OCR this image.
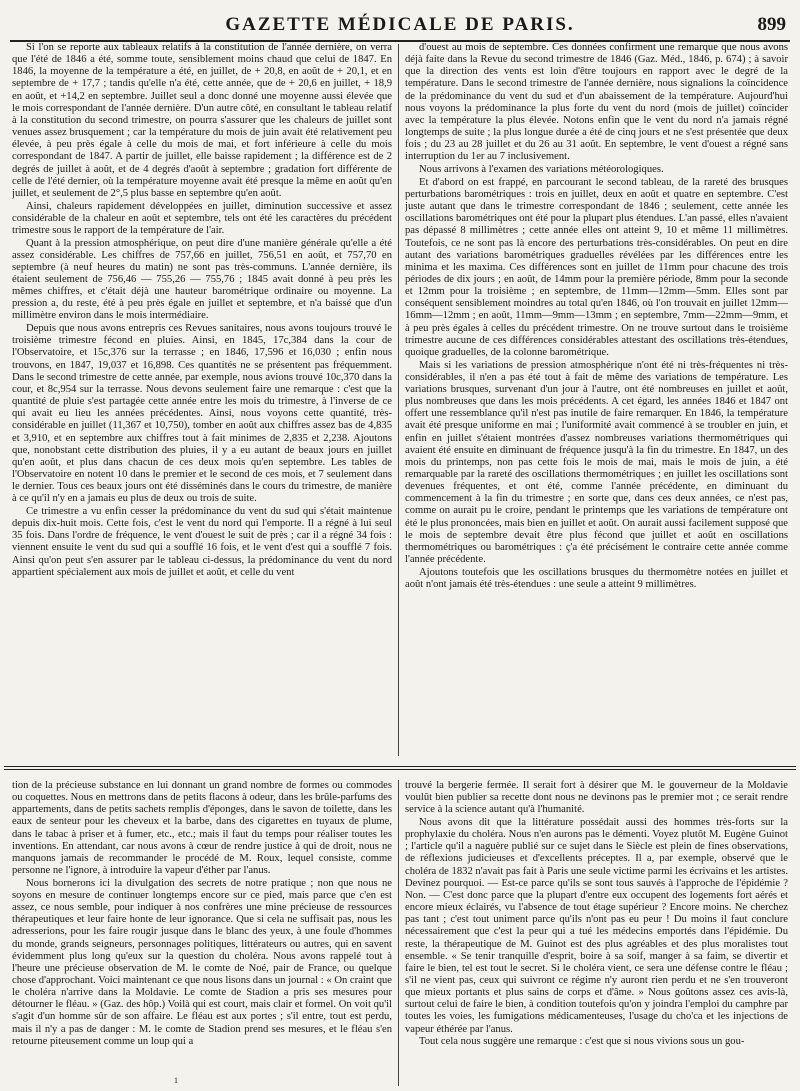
GAZETTE MÉDICALE DE PARIS.	899

Si l'on se reporte aux tableaux relatifs à la constitution de l'année dernière, on verra que l'été de 1846 a été, somme toute, sensiblement moins chaud que celui de 1847. En 1846, la moyenne de la température a été, en juillet, de + 20,8, en août de + 20,1, et en septembre de + 17,7 ; tandis qu'elle n'a été, cette année, que de + 20,6 en juillet, + 18,9 en août, et +14,2 en septembre. Juillet seul a donc donné une moyenne aussi élevée que le mois correspondant de l'année dernière. D'un autre côté, en consultant le tableau relatif à la constitution du second trimestre, on pourra s'assurer que les chaleurs de juillet sont venues assez brusquement ; car la température du mois de juin avait été relativement peu élevée, à peu près égale à celle du mois de mai, et fort inférieure à celle du mois correspondant de 1847. A partir de juillet, elle baisse rapidement ; la différence est de 2 degrés de juillet à août, et de 4 degrés d'août à septembre ; gradation fort différente de celle de l'été dernier, où la température moyenne avait été presque la même en août qu'en juillet, et seulement de 2°,5 plus basse en septembre qu'en août.

Ainsi, chaleurs rapidement développées en juillet, diminution successive et assez considérable de la chaleur en août et septembre, tels ont été les caractères du précédent trimestre sous le rapport de la température de l'air.

Quant à la pression atmosphérique, on peut dire d'une manière générale qu'elle a été assez considérable. Les chiffres de 757,66 en juillet, 756,51 en août, et 757,70 en septembre (à neuf heures du matin) ne sont pas très-communs. L'année dernière, ils étaient seulement de 756,46 — 755,26 — 755,76 ; 1845 avait donné à peu près les mêmes chiffres, et c'était déjà une hauteur barométrique ordinaire ou moyenne. La pression a, du reste, été à peu près égale en juillet et septembre, et n'a baissé que d'un millimètre environ dans le mois intermédiaire.

Depuis que nous avons entrepris ces Revues sanitaires, nous avons toujours trouvé le troisième trimestre fécond en pluies. Ainsi, en 1845, 17c,384 dans la cour de l'Observatoire, et 15c,376 sur la terrasse ; en 1846, 17,596 et 16,030 ; enfin nous trouvons, en 1847, 19,037 et 16,898. Ces quantités ne se présentent pas fréquemment. Dans le second trimestre de cette année, par exemple, nous avions trouvé 10c,370 dans la cour, et 8c,954 sur la terrasse. Nous devons seulement faire une remarque : c'est que la quantité de pluie s'est partagée cette année entre les mois du trimestre, à l'inverse de ce qui avait eu lieu les années précédentes. Ainsi, nous voyons cette quantité, très-considérable en juillet (11,367 et 10,750), tomber en août aux chiffres assez bas de 4,835 et 3,910, et en septembre aux chiffres tout à fait minimes de 2,835 et 2,238. Ajoutons que, nonobstant cette distribution des pluies, il y a eu autant de beaux jours en juillet qu'en août, et plus dans chacun de ces deux mois qu'en septembre. Les tables de l'Observatoire en notent 10 dans le premier et le second de ces mois, et 7 seulement dans le dernier. Tous ces beaux jours ont été disséminés dans le cours du trimestre, de manière à ce qu'il n'y en a jamais eu plus de deux ou trois de suite.

Ce trimestre a vu enfin cesser la prédominance du vent du sud qui s'était maintenue depuis dix-huit mois. Cette fois, c'est le vent du nord qui l'emporte. Il a régné à lui seul 35 fois. Dans l'ordre de fréquence, le vent d'ouest le suit de près ; car il a régné 34 fois : viennent ensuite le vent du sud qui a soufflé 16 fois, et le vent d'est qui a soufflé 7 fois. Ainsi qu'on peut s'en assurer par le tableau ci-dessus, la prédominance du vent du nord appartient spécialement aux mois de juillet et août, et celle du vent

d'ouest au mois de septembre. Ces données confirment une remarque que nous avons déjà faite dans la Revue du second trimestre de 1846 (Gaz. Méd., 1846, p. 674) ; à savoir que la direction des vents est loin d'être toujours en rapport avec le degré de la température. Dans le second trimestre de l'année dernière, nous signalions la coïncidence de la prédominance du vent du sud et d'un abaissement de la température. Aujourd'hui nous voyons la prédominance la plus forte du vent du nord (mois de juillet) coïncider avec la température la plus élevée. Notons enfin que le vent du nord n'a jamais régné longtemps de suite ; la plus longue durée a été de cinq jours et ne s'est présentée que deux fois ; du 23 au 28 juillet et du 26 au 31 août. En septembre, le vent d'ouest a régné sans interruption du 1er au 7 inclusivement.

Nous arrivons à l'examen des variations météorologiques.

Et d'abord on est frappé, en parcourant le second tableau, de la rareté des brusques perturbations barométriques : trois en juillet, deux en août et quatre en septembre. C'est juste autant que dans le trimestre correspondant de 1846 ; seulement, cette année les oscillations barométriques ont été pour la plupart plus étendues. L'an passé, elles n'avaient pas dépassé 8 millimètres ; cette année elles ont atteint 9, 10 et même 11 millimètres. Toutefois, ce ne sont pas là encore des perturbations très-considérables. On peut en dire autant des variations barométriques graduelles révélées par les différences entre les minima et les maxima. Ces différences sont en juillet de 11mm pour chacune des trois périodes de dix jours ; en août, de 14mm pour la première période, 8mm pour la seconde et 12mm pour la troisième ; en septembre, de 11mm—12mm—5mm. Elles sont par conséquent sensiblement moindres au total qu'en 1846, où l'on trouvait en juillet 12mm—16mm—12mm ; en août, 11mm—9mm—13mm ; en septembre, 7mm—22mm—9mm, et à peu près égales à celles du précédent trimestre. On ne trouve surtout dans le troisième trimestre aucune de ces différences considérables attestant des oscillations très-étendues, quoique graduelles, de la colonne barométrique.

Mais si les variations de pression atmosphérique n'ont été ni très-fréquentes ni très-considérables, il n'en a pas été tout à fait de même des variations de température. Les variations brusques, survenant d'un jour à l'autre, ont été nombreuses en juillet et août, plus nombreuses que dans les mois précédents. A cet égard, les années 1846 et 1847 ont offert une ressemblance qu'il n'est pas inutile de faire remarquer. En 1846, la température avait été presque uniforme en mai ; l'uniformité avait commencé à se troubler en juin, et enfin en juillet s'étaient montrées d'assez nombreuses variations thermométriques qui avaient été ensuite en diminuant de fréquence jusqu'à la fin du trimestre. En 1847, un des mois du printemps, non pas cette fois le mois de mai, mais le mois de juin, a été remarquable par la rareté des oscillations thermométriques ; en juillet les oscillations sont devenues fréquentes, et ont été, comme l'année précédente, en diminuant du commencement à la fin du trimestre ; en sorte que, dans ces deux années, ce n'est pas, comme on aurait pu le croire, pendant le printemps que les variations de température ont été le plus prononcées, mais bien en juillet et août. On aurait aussi facilement supposé que le mois de septembre devait être plus fécond que juillet et août en oscillations thermométriques ou barométriques : ç'a été précisément le contraire cette année comme l'année précédente.

Ajoutons toutefois que les oscillations brusques du thermomètre notées en juillet et août n'ont jamais été très-étendues : une seule a atteint 9 millimètres.

tion de la précieuse substance en lui donnant un grand nombre de formes ou commodes ou coquettes. Nous en mettrons dans de petits flacons à odeur, dans les brûle-parfums des appartements, dans de petits sachets remplis d'éponges, dans le savon de toilette, dans les eaux de senteur pour les cheveux et la barbe, dans des cigarettes en tuyaux de plume, dans le tabac à priser et à fumer, etc., etc.; mais il faut du temps pour réaliser toutes les inventions. En attendant, car nous avons à cœur de rendre justice à qui de droit, nous ne manquons jamais de recommander le procédé de M. Roux, lequel consiste, comme personne ne l'ignore, à introduire la vapeur d'éther par l'anus.

Nous bornerons ici la divulgation des secrets de notre pratique ; non que nous ne soyons en mesure de continuer longtemps encore sur ce pied, mais parce que c'en est assez, ce nous semble, pour indiquer à nos confrères une mine précieuse de ressources thérapeutiques et leur faire honte de leur ignorance. Que si cela ne suffisait pas, nous les adresserions, pour les faire rougir jusque dans le blanc des yeux, à une foule d'hommes du monde, grands seigneurs, personnages politiques, littérateurs ou autres, qui en savent évidemment plus long qu'eux sur la question du choléra. Nous avons rappelé tout à l'heure une précieuse observation de M. le comte de Noé, pair de France, ou quelque chose d'approchant. Voici maintenant ce que nous lisons dans un journal : « On craint que le choléra n'arrive dans la Moldavie. Le comte de Stadion a pris ses mesures pour détourner le fléau. » (Gaz. des hôp.) Voilà qui est court, mais clair et formel. On voit qu'il s'agit d'un homme sûr de son affaire. Le fléau est aux portes ; s'il entre, tout est perdu, mais il n'y a pas de danger : M. le comte de Stadion prend ses mesures, et le fléau s'en retourne piteusement comme un loup qui a

trouvé la bergerie fermée. Il serait fort à désirer que M. le gouverneur de la Moldavie voulût bien publier sa recette dont nous ne devinons pas le premier mot ; ce serait rendre service à la science autant qu'à l'humanité.

Nous avons dit que la littérature possédait aussi des hommes très-forts sur la prophylaxie du choléra. Nous n'en aurons pas le démenti. Voyez plutôt M. Eugène Guinot ; l'article qu'il a naguère publié sur ce sujet dans le Siècle est plein de fines observations, de réflexions judicieuses et d'excellents préceptes. Il a, par exemple, observé que le choléra de 1832 n'avait pas fait à Paris une seule victime parmi les écrivains et les artistes. Devinez pourquoi. — Est-ce parce qu'ils se sont tous sauvés à l'approche de l'épidémie ? Non. — C'est donc parce que la plupart d'entre eux occupent des logements fort aérés et encore mieux éclairés, vu l'absence de tout étage supérieur ? Encore moins. Ne cherchez pas tant ; c'est tout uniment parce qu'ils n'ont pas eu peur ! Du moins il faut conclure nécessairement que c'est la peur qui a tué les médecins emportés dans l'épidémie. Du reste, la thérapeutique de M. Guinot est des plus agréables et des plus moralistes tout ensemble. « Se tenir tranquille d'esprit, boire à sa soif, manger à sa faim, se divertir et faire le bien, tel est tout le secret. Si le choléra vient, ce sera une défense contre le fléau ; s'il ne vient pas, ceux qui suivront ce régime n'y auront rien perdu et ne s'en trouveront que mieux portants et plus sains de corps et d'âme. » Nous goûtons assez ces avis-là, surtout celui de faire le bien, à condition toutefois qu'on y joindra l'emploi du camphre par toutes les voies, les fumigations médicamenteuses, l'usage du cho'ca et les injections de vapeur éthérée par l'anus.

Tout cela nous suggère une remarque : c'est que si nous vivions sous un gou-

1
